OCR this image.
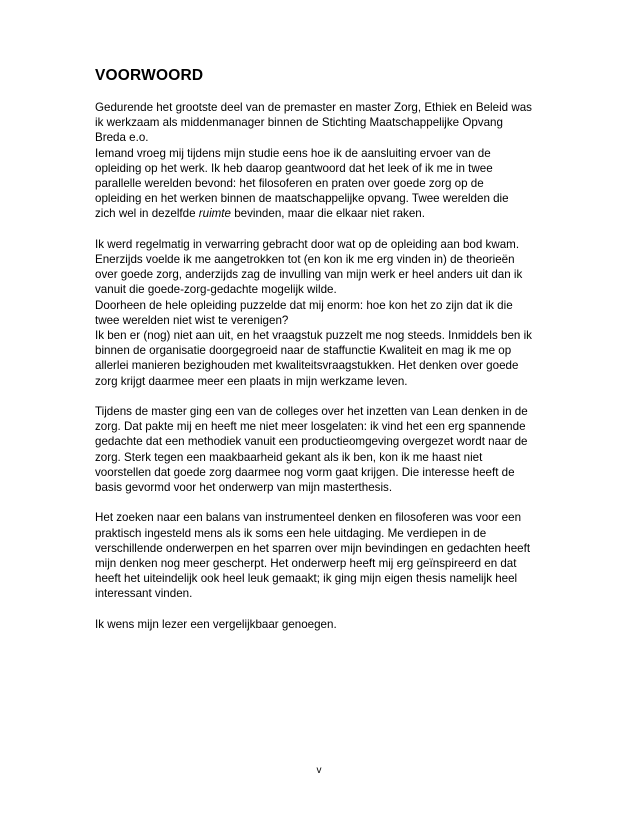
VOORWOORD
Gedurende het grootste deel van de premaster en master Zorg, Ethiek en Beleid was
ik werkzaam als middenmanager binnen de Stichting Maatschappelijke Opvang
Breda e.o.
Iemand vroeg mij tijdens mijn studie eens hoe ik de aansluiting ervoer van de
opleiding op het werk. Ik heb daarop geantwoord dat het leek of ik me in twee
parallelle werelden bevond: het filosoferen en praten over goede zorg op de
opleiding en het werken binnen de maatschappelijke opvang. Twee werelden die
zich wel in dezelfde ruimte bevinden, maar die elkaar niet raken.
Ik werd regelmatig in verwarring gebracht door wat op de opleiding aan bod kwam.
Enerzijds voelde ik me aangetrokken tot (en kon ik me erg vinden in) de theorieën
over goede zorg, anderzijds zag de invulling van mijn werk er heel anders uit dan ik
vanuit die goede-zorg-gedachte mogelijk wilde.
Doorheen de hele opleiding puzzelde dat mij enorm: hoe kon het zo zijn dat ik die
twee werelden niet wist te verenigen?
Ik ben er (nog) niet aan uit, en het vraagstuk puzzelt me nog steeds. Inmiddels ben ik
binnen de organisatie doorgegroeid naar de staffunctie Kwaliteit en mag ik me op
allerlei manieren bezighouden met kwaliteitsvraagstukken. Het denken over goede
zorg krijgt daarmee meer een plaats in mijn werkzame leven.
Tijdens de master ging een van de colleges over het inzetten van Lean denken in de
zorg. Dat pakte mij en heeft me niet meer losgelaten: ik vind het een erg spannende
gedachte dat een methodiek vanuit een productieomgeving overgezet wordt naar de
zorg. Sterk tegen een maakbaarheid gekant als ik ben, kon ik me haast niet
voorstellen dat goede zorg daarmee nog vorm gaat krijgen. Die interesse heeft de
basis gevormd voor het onderwerp van mijn masterthesis.
Het zoeken naar een balans van instrumenteel denken en filosoferen was voor een
praktisch ingesteld mens als ik soms een hele uitdaging. Me verdiepen in de
verschillende onderwerpen en het sparren over mijn bevindingen en gedachten heeft
mijn denken nog meer gescherpt. Het onderwerp heeft mij erg geïnspireerd en dat
heeft het uiteindelijk ook heel leuk gemaakt; ik ging mijn eigen thesis namelijk heel
interessant vinden.
Ik wens mijn lezer een vergelijkbaar genoegen.
v
